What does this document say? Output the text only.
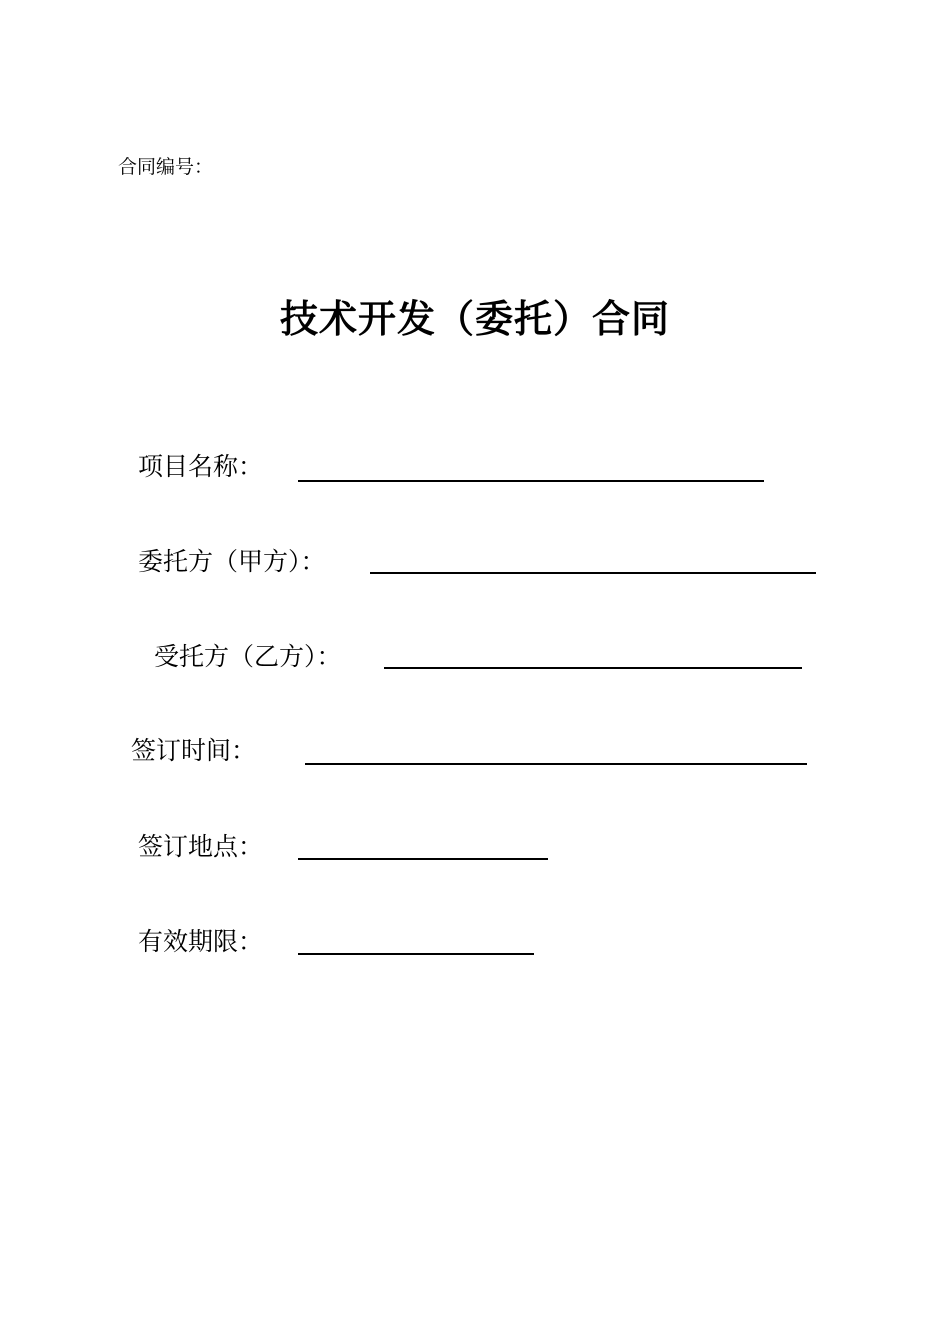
合同编号：
技术开发（委托）合同
项目名称：
委托方（甲方）：
受托方（乙方）：
签订时间：
签订地点：
有效期限：
